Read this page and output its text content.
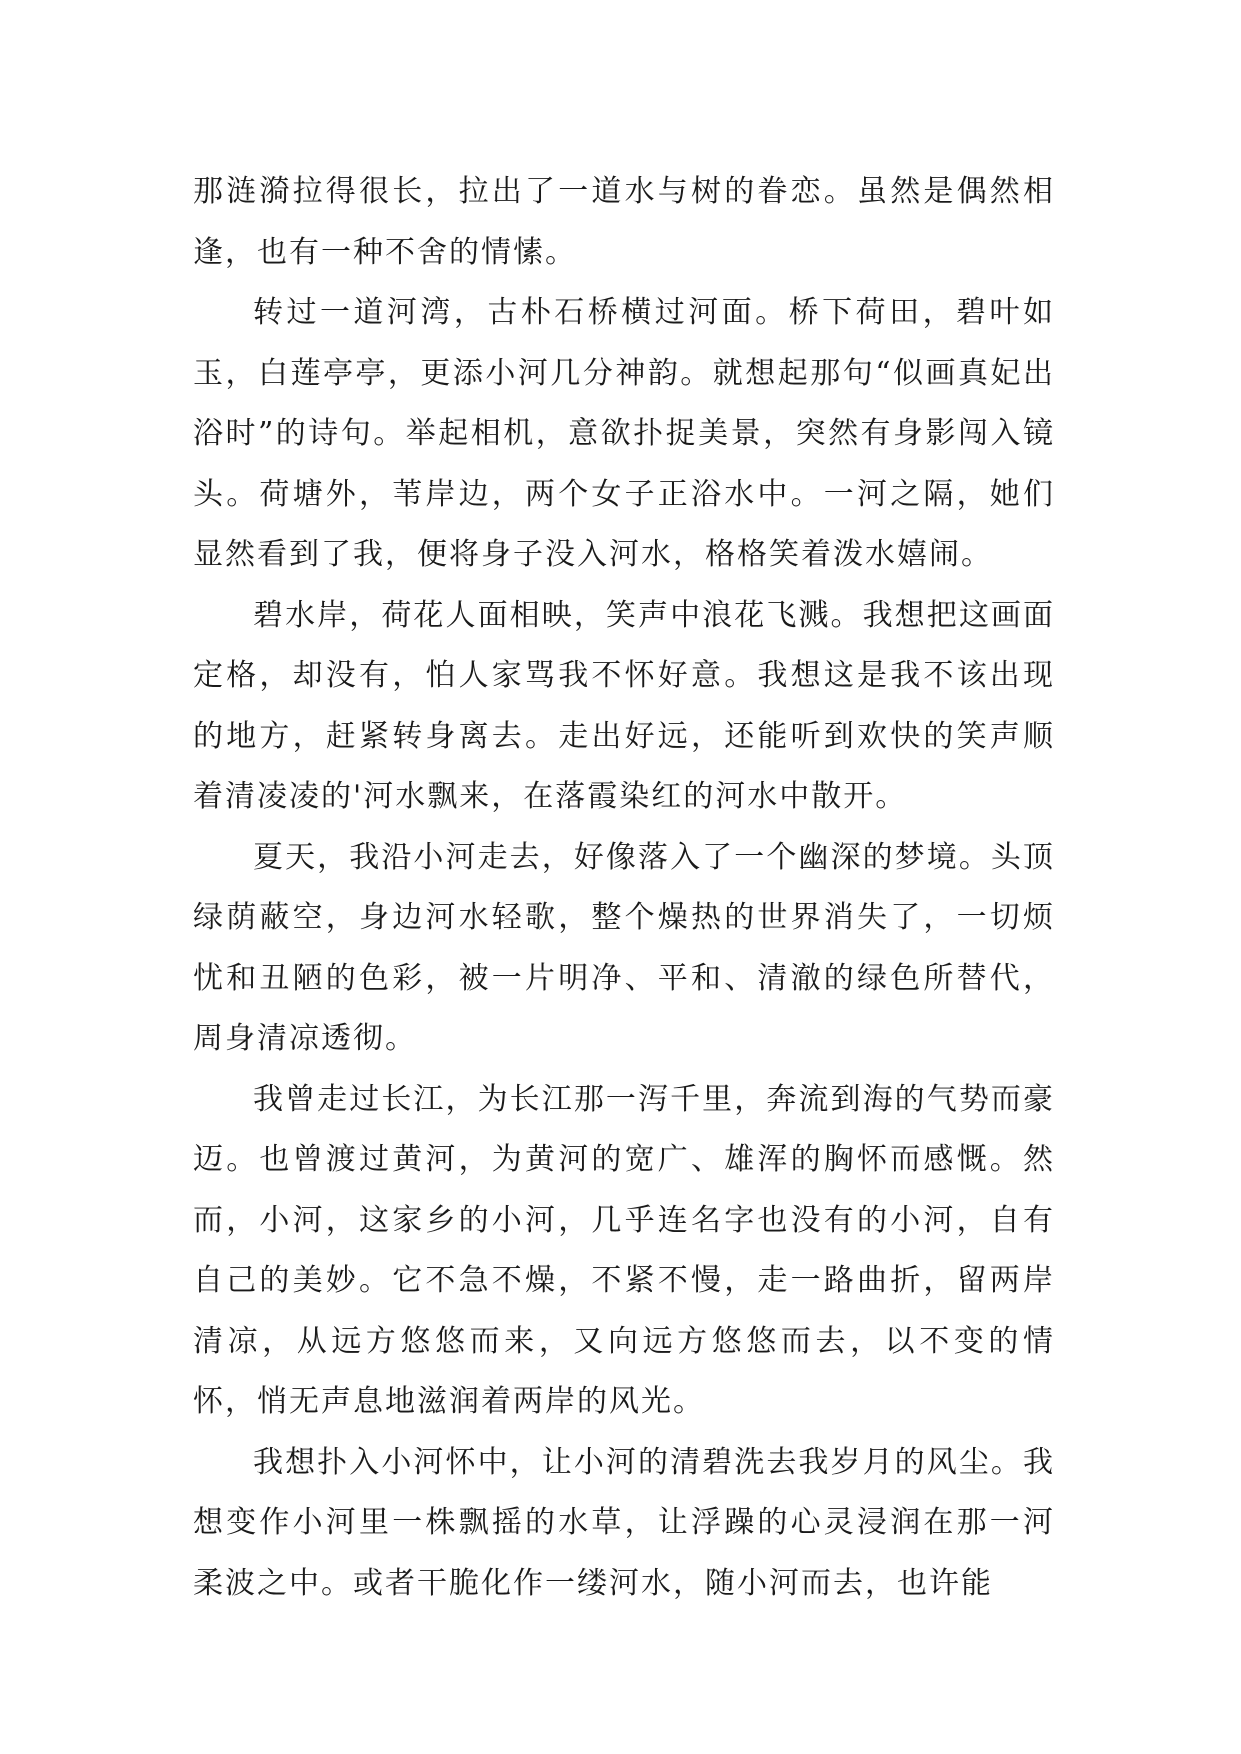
那涟漪拉得很长，拉出了一道水与树的眷恋。虽然是偶然相逢，也有一种不舍的情愫。

转过一道河湾，古朴石桥横过河面。桥下荷田，碧叶如玉，白莲亭亭，更添小河几分神韵。就想起那句“似画真妃出浴时”的诗句。举起相机，意欲扑捉美景，突然有身影闯入镜头。荷塘外，苇岸边，两个女子正浴水中。一河之隔，她们显然看到了我，便将身子没入河水，格格笑着泼水嬉闹。

碧水岸，荷花人面相映，笑声中浪花飞溅。我想把这画面定格，却没有，怕人家骂我不怀好意。我想这是我不该出现的地方，赶紧转身离去。走出好远，还能听到欢快的笑声顺着清凌凌的'河水飘来，在落霞染红的河水中散开。

夏天，我沿小河走去，好像落入了一个幽深的梦境。头顶绿荫蔽空，身边河水轻歌，整个燥热的世界消失了，一切烦忧和丑陋的色彩，被一片明净、平和、清澈的绿色所替代，周身清凉透彻。

我曾走过长江，为长江那一泻千里，奔流到海的气势而豪迈。也曾渡过黄河，为黄河的宽广、雄浑的胸怀而感慨。然而，小河，这家乡的小河，几乎连名字也没有的小河，自有自己的美妙。它不急不燥，不紧不慢，走一路曲折，留两岸清凉，从远方悠悠而来，又向远方悠悠而去，以不变的情怀，悄无声息地滋润着两岸的风光。

我想扑入小河怀中，让小河的清碧洗去我岁月的风尘。我想变作小河里一株飘摇的水草，让浮躁的心灵浸润在那一河柔波之中。或者干脆化作一缕河水，随小河而去，也许能
